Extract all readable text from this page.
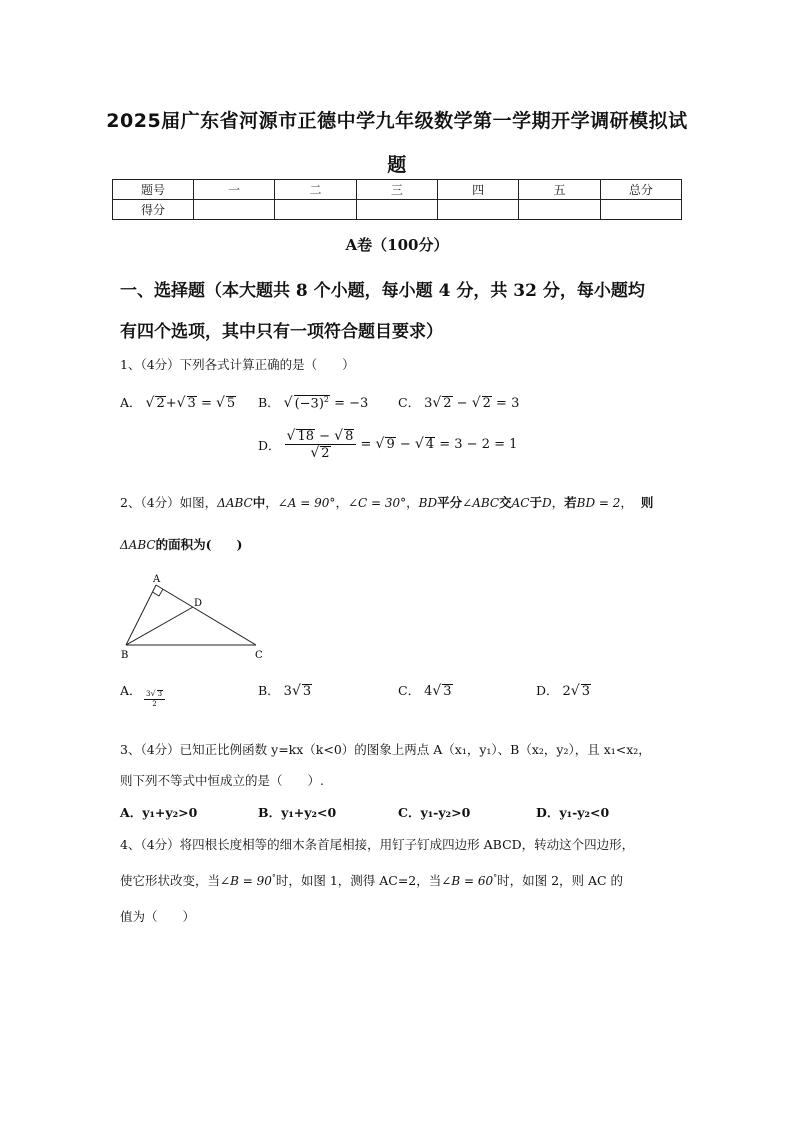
2025届广东省河源市正德中学九年级数学第一学期开学调研模拟试
题
题号	一	二	三	四	五	总分
得分						
A卷（100分）
一、选择题（本大题共 8 个小题，每小题 4 分，共 32 分，每小题均
有四个选项，其中只有一项符合题目要求）
1、（4分）下列各式计算正确的是（　　）
A． √ 2+√ 3 = √ 5 B． √ $(-3)^2 = -3$ C． 3√ 2 − √ 2 = 3
D． $\frac{√ 18 - √ 8}{√ 2}$ = √ 9 − √ 4 = 3 − 2 = 1
2、（4分）如图，ΔABC中，∠A = 90°，∠C = 30°，BD平分∠ABC交AC于D，若BD = 2， 则
ΔABC的面积为(　　)
A
D
B	C
A． $\frac{3√ 3}{2}$	B． 3√ 3	C． 4√ 3	D． 2√ 3
3、（4分）已知正比例函数 y=kx（k<0）的图象上两点 A（x₁，y₁）、B（x₂，y₂），且 x₁<x₂，
则下列不等式中恒成立的是（　　）.
A．y₁+y₂>0	B．y₁+y₂<0	C．y₁-y₂>0	D．y₁-y₂<0
4、（4分）将四根长度相等的细木条首尾相接，用钉子钉成四边形 ABCD，转动这个四边形，
使它形状改变，当∠B = 90°时，如图 1，测得 AC=2，当∠B = 60°时，如图 2，则 AC 的
值为（　　）
